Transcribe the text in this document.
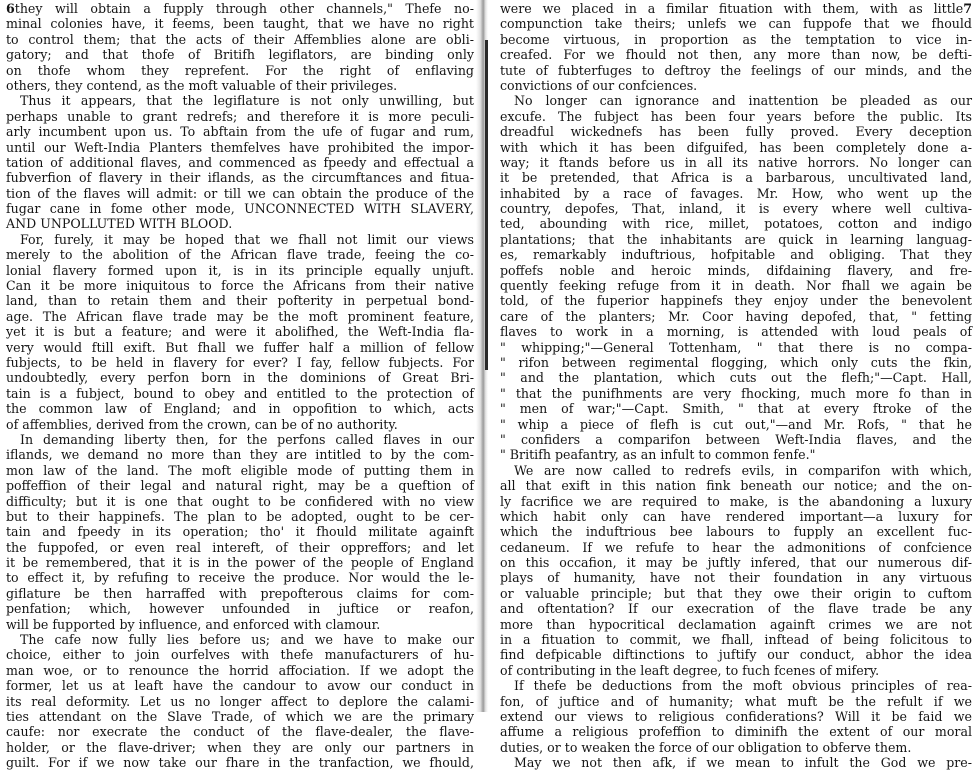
6they will obtain a fupply through other channels," Thefe no-
minal colonies have, it feems, been taught, that we have no right
to control them; that the acts of their Affemblies alone are obli-
gatory; and that thofe of Britifh legiflators, are binding only
on thofe whom they reprefent. For the right of enflaving
others, they contend, as the moft valuable of their privileges.
Thus it appears, that the legiflature is not only unwilling, but
perhaps unable to grant redrefs; and therefore it is more peculi-
arly incumbent upon us. To abftain from the ufe of fugar and rum,
until our Weft-India Planters themfelves have prohibited the impor-
tation of additional flaves, and commenced as fpeedy and effectual a
fubverfion of flavery in their iflands, as the circumftances and fitua-
tion of the flaves will admit: or till we can obtain the produce of the
fugar cane in fome other mode, UNCONNECTED WITH SLAVERY,
AND UNPOLLUTED WITH BLOOD.
For, furely, it may be hoped that we fhall not limit our views
merely to the abolition of the African flave trade, feeing the co-
lonial flavery formed upon it, is in its principle equally unjuft.
Can it be more iniquitous to force the Africans from their native
land, than to retain them and their pofterity in perpetual bond-
age. The African flave trade may be the moft prominent feature,
yet it is but a feature; and were it abolifhed, the Weft-India fla-
very would ftill exift. But fhall we fuffer half a million of fellow
fubjects, to be held in flavery for ever? I fay, fellow fubjects. For
undoubtedly, every perfon born in the dominions of Great Bri-
tain is a fubject, bound to obey and entitled to the protection of
the common law of England; and in oppofition to which, acts
of affemblies, derived from the crown, can be of no authority.
In demanding liberty then, for the perfons called flaves in our
iflands, we demand no more than they are intitled to by the com-
mon law of the land. The moft eligible mode of putting them in
poffeffion of their legal and natural right, may be a queftion of
difficulty; but it is one that ought to be confidered with no view
but to their happinefs. The plan to be adopted, ought to be cer-
tain and fpeedy in its operation; tho' it fhould militate againft
the fuppofed, or even real intereft, of their oppreffors; and let
it be remembered, that it is in the power of the people of England
to effect it, by refufing to receive the produce. Nor would the le-
giflature be then harraffed with prepofterous claims for com-
penfation; which, however unfounded in juftice or reafon,
will be fupported by influence, and enforced with clamour.
The cafe now fully lies before us; and we have to make our
choice, either to join ourfelves with thefe manufacturers of hu-
man woe, or to renounce the horrid affociation. If we adopt the
former, let us at leaft have the candour to avow our conduct in
its real deformity. Let us no longer affect to deplore the calami-
ties attendant on the Slave Trade, of which we are the primary
caufe: nor execrate the conduct of the flave-dealer, the flave-
holder, or the flave-driver; when they are only our partners in
guilt. For if we now take our fhare in the tranfaction, we fhould,
were we placed in a fimilar fituation with them, with as little7
compunction take theirs; unlefs we can fuppofe that we fhould
become virtuous, in proportion as the temptation to vice in-
creafed. For we fhould not then, any more than now, be defti-
tute of fubterfuges to deftroy the feelings of our minds, and the
convictions of our confciences.
No longer can ignorance and inattention be pleaded as our
excufe. The fubject has been four years before the public. Its
dreadful wickednefs has been fully proved. Every deception
with which it has been difguifed, has been completely done a-
way; it ftands before us in all its native horrors. No longer can
it be pretended, that Africa is a barbarous, uncultivated land,
inhabited by a race of favages. Mr. How, who went up the
country, depofes, That, inland, it is every where well cultiva-
ted, abounding with rice, millet, potatoes, cotton and indigo
plantations; that the inhabitants are quick in learning languag-
es, remarkably induftrious, hofpitable and obliging. That they
poffefs noble and heroic minds, difdaining flavery, and fre-
quently feeking refuge from it in death. Nor fhall we again be
told, of the fuperior happinefs they enjoy under the benevolent
care of the planters; Mr. Coor having depofed, that, " fetting
flaves to work in a morning, is attended with loud peals of
" whipping;"—General Tottenham, " that there is no compa-
" rifon between regimental flogging, which only cuts the fkin,
" and the plantation, which cuts out the flefh;"—Capt. Hall,
" that the punifhments are very fhocking, much more fo than in
" men of war;"—Capt. Smith, " that at every ftroke of the
" whip a piece of flefh is cut out,"—and Mr. Rofs, " that he
" confiders a comparifon between Weft-India flaves, and the
" Britifh peafantry, as an infult to common fenfe."
We are now called to redrefs evils, in comparifon with which,
all that exift in this nation fink beneath our notice; and the on-
ly facrifice we are required to make, is the abandoning a luxury
which habit only can have rendered important—a luxury for
which the induftrious bee labours to fupply an excellent fuc-
cedaneum. If we refufe to hear the admonitions of confcience
on this occafion, it may be juftly infered, that our numerous dif-
plays of humanity, have not their foundation in any virtuous
or valuable principle; but that they owe their origin to cuftom
and oftentation? If our execration of the flave trade be any
more than hypocritical declamation againft crimes we are not
in a fituation to commit, we fhall, inftead of being folicitous to
find defpicable diftinctions to juftify our conduct, abhor the idea
of contributing in the leaft degree, to fuch fcenes of mifery.
If thefe be deductions from the moft obvious principles of rea-
fon, of juftice and of humanity; what muft be the refult if we
extend our views to religious confiderations? Will it be faid we
affume a religious profeffion to diminifh the extent of our moral
duties, or to weaken the force of our obligation to obferve them.
May we not then afk, if we mean to infult the God we pre-
